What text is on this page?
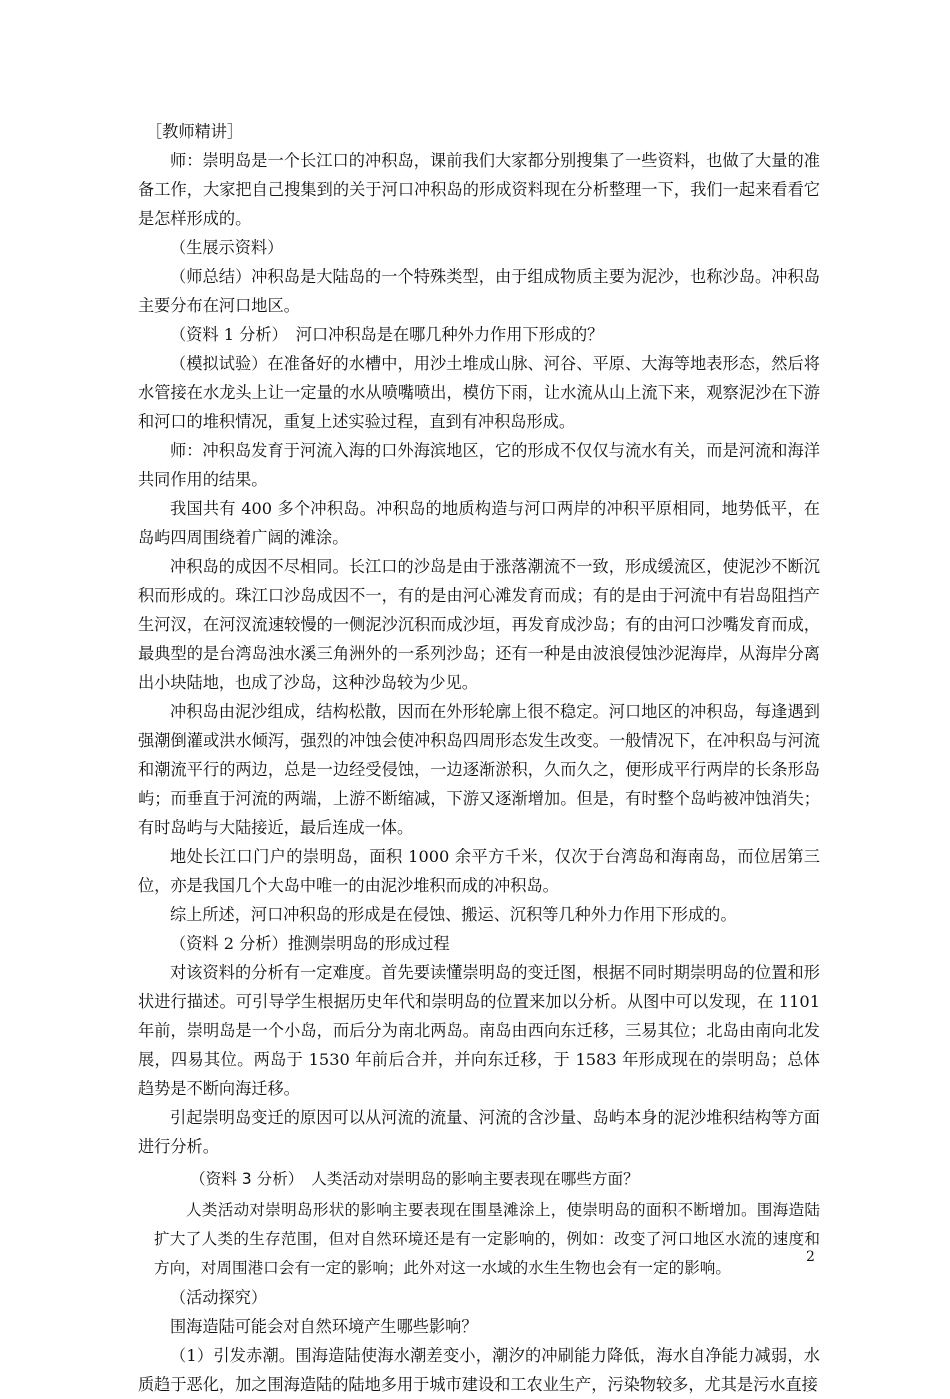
［教师精讲］

师：崇明岛是一个长江口的冲积岛，课前我们大家都分别搜集了一些资料，也做了大量的准备工作，大家把自己搜集到的关于河口冲积岛的形成资料现在分析整理一下，我们一起来看看它是怎样形成的。

（生展示资料）

（师总结）冲积岛是大陆岛的一个特殊类型，由于组成物质主要为泥沙，也称沙岛。冲积岛主要分布在河口地区。

（资料 1 分析）　河口冲积岛是在哪几种外力作用下形成的？

（模拟试验）在准备好的水槽中，用沙土堆成山脉、河谷、平原、大海等地表形态，然后将水管接在水龙头上让一定量的水从喷嘴喷出，模仿下雨，让水流从山上流下来，观察泥沙在下游和河口的堆积情况，重复上述实验过程，直到有冲积岛形成。

师：冲积岛发育于河流入海的口外海滨地区，它的形成不仅仅与流水有关，而是河流和海洋共同作用的结果。

我国共有 400 多个冲积岛。冲积岛的地质构造与河口两岸的冲积平原相同，地势低平，在岛屿四周围绕着广阔的滩涂。

冲积岛的成因不尽相同。长江口的沙岛是由于涨落潮流不一致，形成缓流区，使泥沙不断沉积而形成的。珠江口沙岛成因不一，有的是由河心滩发育而成；有的是由于河流中有岩岛阻挡产生河汊，在河汊流速较慢的一侧泥沙沉积而成沙垣，再发育成沙岛；有的由河口沙嘴发育而成，最典型的是台湾岛浊水溪三角洲外的一系列沙岛；还有一种是由波浪侵蚀沙泥海岸，从海岸分离出小块陆地，也成了沙岛，这种沙岛较为少见。

冲积岛由泥沙组成，结构松散，因而在外形轮廓上很不稳定。河口地区的冲积岛，每逢遇到强潮倒灌或洪水倾泻，强烈的冲蚀会使冲积岛四周形态发生改变。一般情况下，在冲积岛与河流和潮流平行的两边，总是一边经受侵蚀，一边逐渐淤积，久而久之，便形成平行两岸的长条形岛屿；而垂直于河流的两端，上游不断缩减，下游又逐渐增加。但是，有时整个岛屿被冲蚀消失；有时岛屿与大陆接近，最后连成一体。

地处长江口门户的崇明岛，面积 1000 余平方千米，仅次于台湾岛和海南岛，而位居第三位，亦是我国几个大岛中唯一的由泥沙堆积而成的冲积岛。

综上所述，河口冲积岛的形成是在侵蚀、搬运、沉积等几种外力作用下形成的。

（资料 2 分析）推测崇明岛的形成过程

对该资料的分析有一定难度。首先要读懂崇明岛的变迁图，根据不同时期崇明岛的位置和形状进行描述。可引导学生根据历史年代和崇明岛的位置来加以分析。从图中可以发现，在 1101 年前，崇明岛是一个小岛，而后分为南北两岛。南岛由西向东迁移，三易其位；北岛由南向北发展，四易其位。两岛于 1530 年前后合并，并向东迁移，于 1583 年形成现在的崇明岛；总体趋势是不断向海迁移。

引起崇明岛变迁的原因可以从河流的流量、河流的含沙量、岛屿本身的泥沙堆积结构等方面进行分析。

（资料 3 分析）　人类活动对崇明岛的影响主要表现在哪些方面？

人类活动对崇明岛形状的影响主要表现在围垦滩涂上，使崇明岛的面积不断增加。围海造陆扩大了人类的生存范围，但对自然环境还是有一定影响的，例如：改变了河口地区水流的速度和方向，对周围港口会有一定的影响；此外对这一水域的水生生物也会有一定的影响。

（活动探究）

围海造陆可能会对自然环境产生哪些影响？

（1）引发赤潮。围海造陆使海水潮差变小，潮汐的冲刷能力降低，海水自净能力减弱，水质趋于恶化，加之围海造陆的陆地多用于城市建设和工农业生产，污染物较多，尤其是污水直接

2
